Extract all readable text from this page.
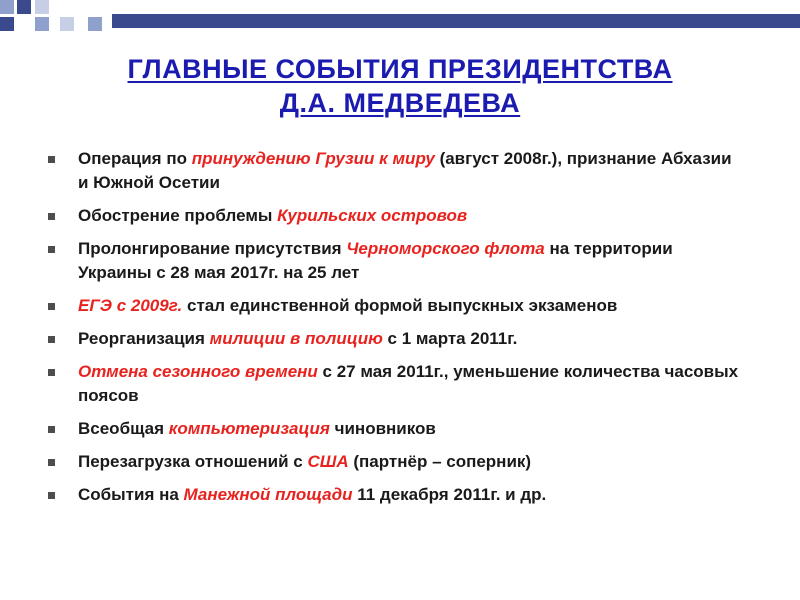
ГЛАВНЫЕ СОБЫТИЯ ПРЕЗИДЕНТСТВА
Д.А. МЕДВЕДЕВА
Операция по принуждению Грузии к миру (август 2008г.), признание Абхазии и Южной Осетии
Обострение проблемы Курильских островов
Пролонгирование присутствия Черноморского флота на территории Украины с 28 мая 2017г. на 25 лет
ЕГЭ с 2009г. стал единственной формой выпускных экзаменов
Реорганизация милиции в полицию с 1 марта 2011г.
Отмена сезонного времени с 27 мая 2011г., уменьшение количества часовых поясов
Всеобщая компьютеризация чиновников
Перезагрузка отношений с США (партнёр – соперник)
События на Манежной площади 11 декабря 2011г. и др.
